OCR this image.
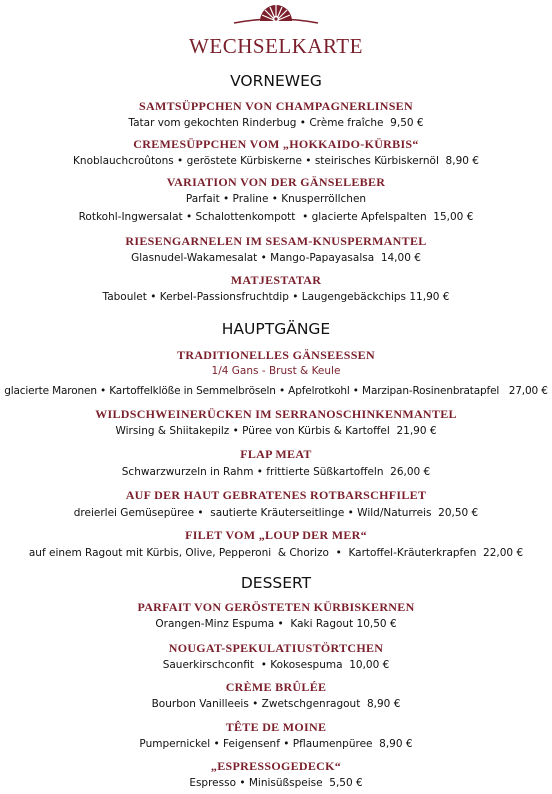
WECHSELKARTE
VORNEWEG
SAMTSÜPPCHEN VON CHAMPAGNERLINSEN
Tatar vom gekochten Rinderbug • Crème fraîche  9,50 €
CREMESÜPPCHEN VOM „HOKKAIDO-KÜRBIS“
Knoblauchcroûtons • geröstete Kürbiskerne • steirisches Kürbiskernöl  8,90 €
VARIATION VON DER GÄNSELEBER
Parfait • Praline • Knusperröllchen
Rotkohl-Ingwersalat • Schalottenkompott  • glacierte Apfelspalten  15,00 €
RIESENGARNELEN IM SESAM-KNUSPERMANTEL
Glasnudel-Wakamesalat • Mango-Papayasalsa  14,00 €
MATJESTATAR
Taboulet • Kerbel-Passionsfruchtdip • Laugengebäckchips 11,90 €
HAUPTGÄNGE
TRADITIONELLES GÄNSEESSEN
1/4 Gans - Brust & Keule
glacierte Maronen • Kartoffelklöße in Semmelbröseln • Apfelrotkohl • Marzipan-Rosinenbratapfel   27,00 €
WILDSCHWEINERÜCKEN IM SERRANOSCHINKENMANTEL
Wirsing & Shiitakepilz • Püree von Kürbis & Kartoffel  21,90 €
FLAP MEAT
Schwarzwurzeln in Rahm • frittierte Süßkartoffeln  26,00 €
AUF DER HAUT GEBRATENES ROTBARSCHFILET
dreierlei Gemüsepüree •  sautierte Kräuterseitlinge • Wild/Naturreis  20,50 €
FILET VOM „LOUP DER MER“
auf einem Ragout mit Kürbis, Olive, Pepperoni  & Chorizo  •  Kartoffel-Kräuterkrapfen  22,00 €
DESSERT
PARFAIT VON GERÖSTETEN KÜRBISKERNEN
Orangen-Minz Espuma •  Kaki Ragout 10,50 €
NOUGAT-SPEKULATIUSTÖRTCHEN
Sauerkirschconfit  • Kokosespuma  10,00 €
CRÈME BRÛLÉE
Bourbon Vanilleeis • Zwetschgenragout  8,90 €
TÊTE DE MOINE
Pumpernickel • Feigensenf • Pflaumenpüree  8,90 €
„ESPRESSOGEDECK“
Espresso • Minisüßspeise  5,50 €
